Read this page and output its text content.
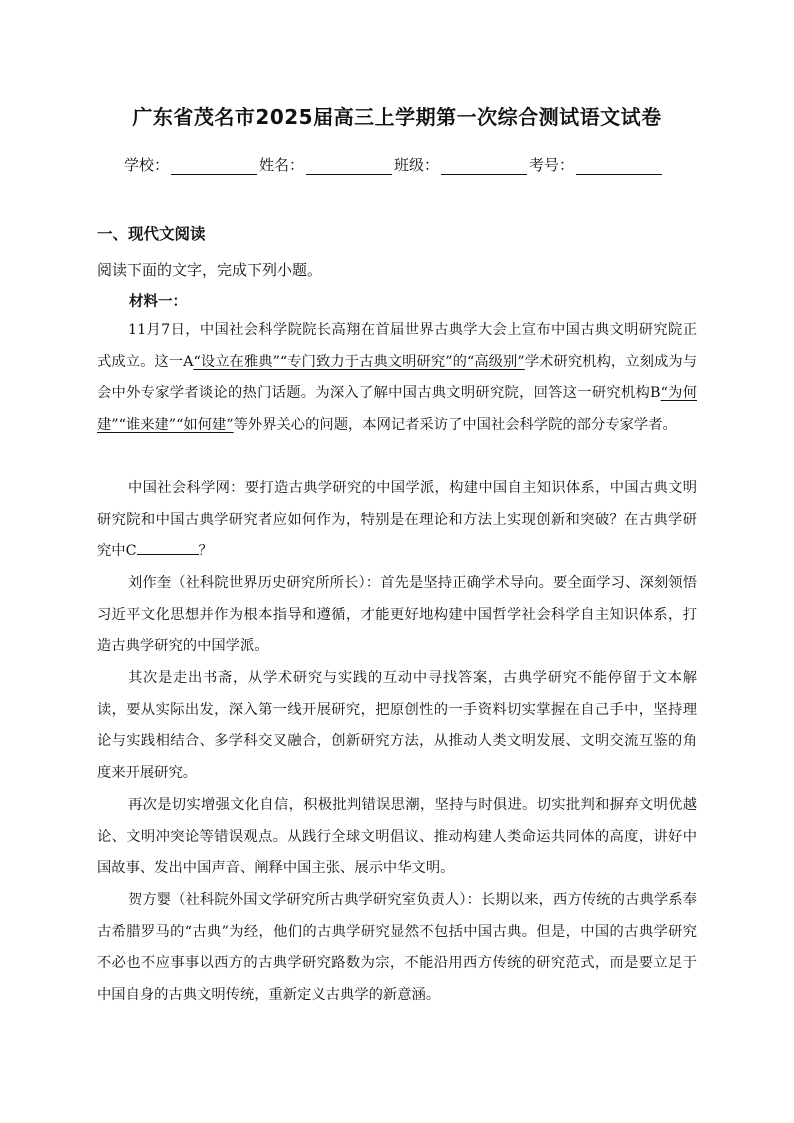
广东省茂名市2025届高三上学期第一次综合测试语文试卷
学校：	姓名：	班级：	考号：
一、现代文阅读
阅读下面的文字，完成下列小题。
材料一：

11月7日，中国社会科学院院长高翔在首届世界古典学大会上宣布中国古典文明研究院正式成立。这一A“设立在雅典”“专门致力于古典文明研究”的“高级别”学术研究机构，立刻成为与会中外专家学者谈论的热门话题。为深入了解中国古典文明研究院，回答这一研究机构B“为何建”“谁来建”“如何建”等外界关心的问题，本网记者采访了中国社会科学院的部分专家学者。

中国社会科学网：要打造古典学研究的中国学派，构建中国自主知识体系，中国古典文明研究院和中国古典学研究者应如何作为，特别是在理论和方法上实现创新和突破？在古典学研究中C	？

刘作奎（社科院世界历史研究所所长）：首先是坚持正确学术导向。要全面学习、深刻领悟习近平文化思想并作为根本指导和遵循，才能更好地构建中国哲学社会科学自主知识体系，打造古典学研究的中国学派。

其次是走出书斋，从学术研究与实践的互动中寻找答案，古典学研究不能停留于文本解读，要从实际出发，深入第一线开展研究，把原创性的一手资料切实掌握在自己手中，坚持理论与实践相结合、多学科交叉融合，创新研究方法，从推动人类文明发展、文明交流互鉴的角度来开展研究。

再次是切实增强文化自信，积极批判错误思潮，坚持与时俱进。切实批判和摒弃文明优越论、文明冲突论等错误观点。从践行全球文明倡议、推动构建人类命运共同体的高度，讲好中国故事、发出中国声音、阐释中国主张、展示中华文明。

贺方婴（社科院外国文学研究所古典学研究室负责人）：长期以来，西方传统的古典学系奉古希腊罗马的“古典”为经，他们的古典学研究显然不包括中国古典。但是，中国的古典学研究不必也不应事事以西方的古典学研究路数为宗，不能沿用西方传统的研究范式，而是要立足于中国自身的古典文明传统，重新定义古典学的新意涵。
